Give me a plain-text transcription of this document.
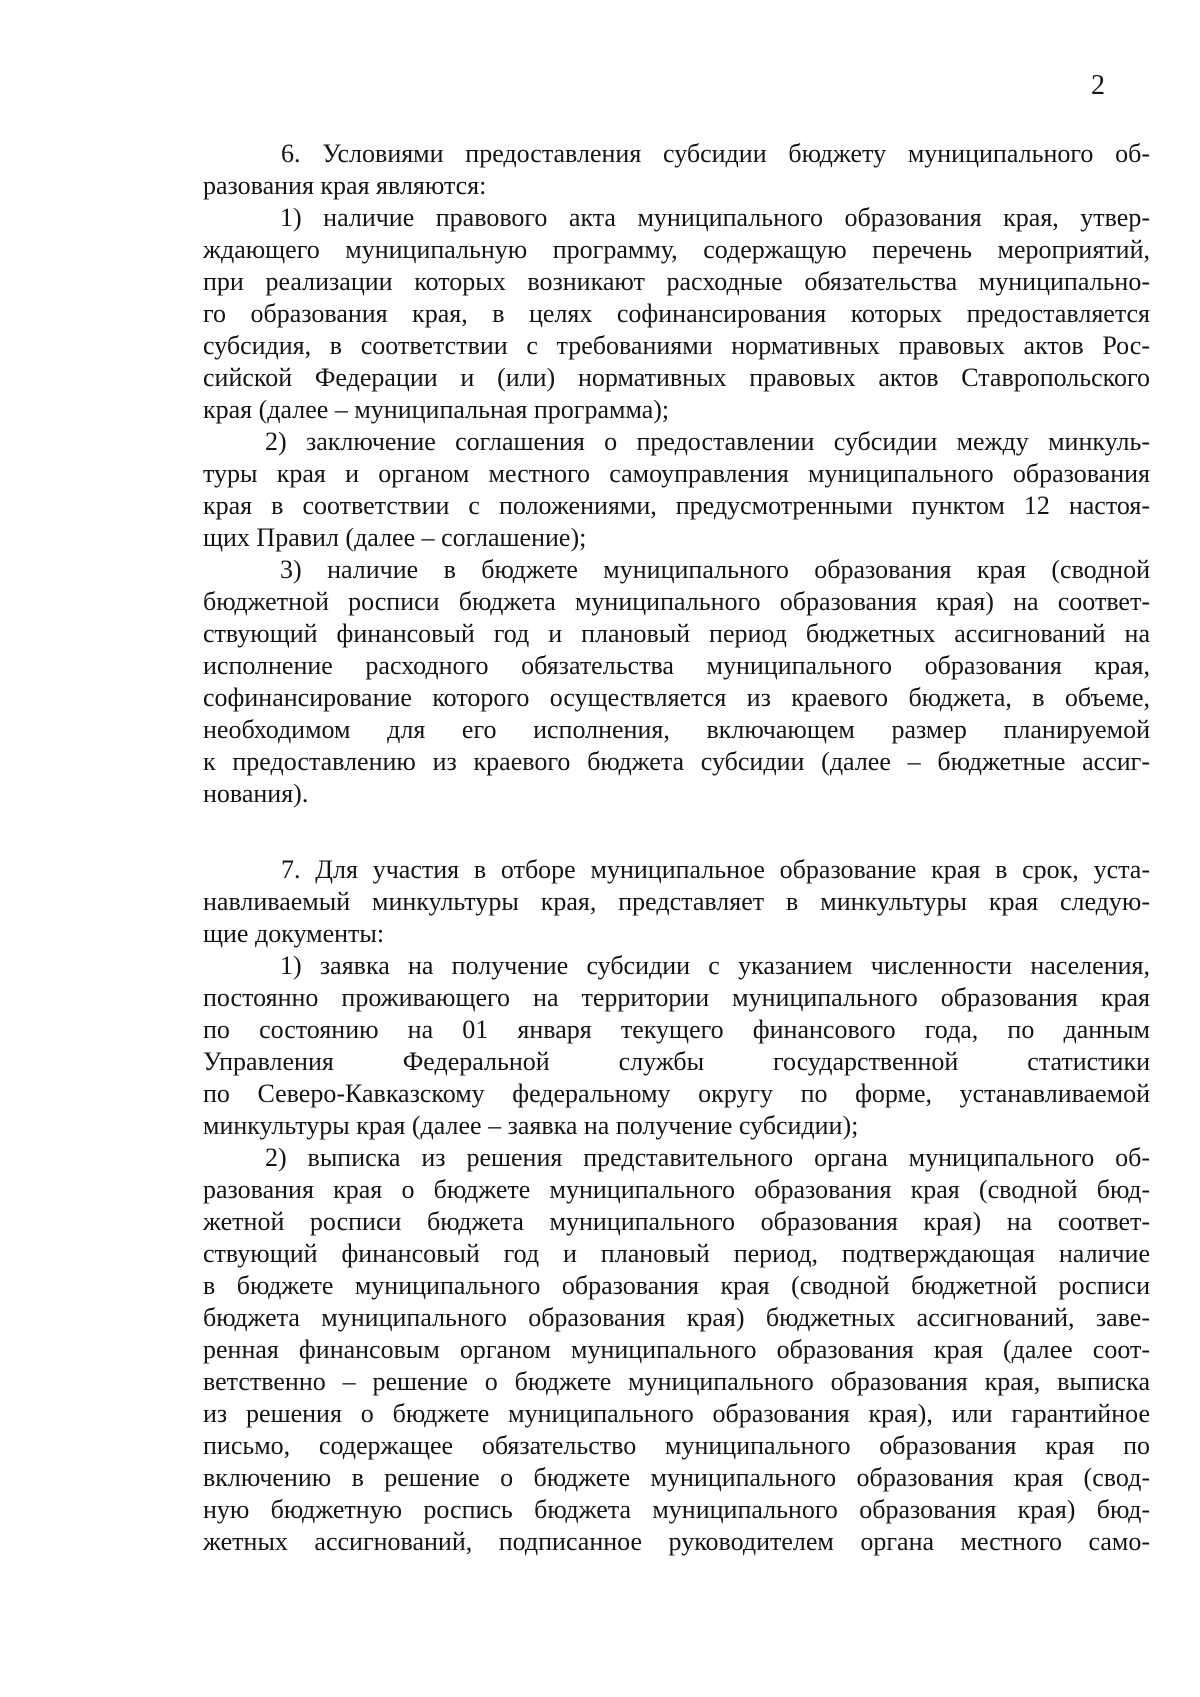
2
6. Условиями предоставления субсидии бюджету муниципального об-
разования края являются:
1) наличие правового акта муниципального образования края, утвер-
ждающего муниципальную программу, содержащую перечень мероприятий,
при реализации которых возникают расходные обязательства муниципально-
го образования края, в целях софинансирования которых предоставляется
субсидия, в соответствии с требованиями нормативных правовых актов Рос-
сийской Федерации и (или) нормативных правовых актов Ставропольского
края (далее – муниципальная программа);
2) заключение соглашения о предоставлении субсидии между минкуль-
туры края и органом местного самоуправления муниципального образования
края в соответствии с положениями, предусмотренными пунктом 12 настоя-
щих Правил (далее – соглашение);
3) наличие в бюджете муниципального образования края (сводной
бюджетной росписи бюджета муниципального образования края) на соответ-
ствующий финансовый год и плановый период бюджетных ассигнований на
исполнение расходного обязательства муниципального образования края,
софинансирование которого осуществляется из краевого бюджета, в объеме,
необходимом для его исполнения, включающем размер планируемой
к предоставлению из краевого бюджета субсидии (далее – бюджетные ассиг-
нования).
7. Для участия в отборе муниципальное образование края в срок, уста-
навливаемый минкультуры края, представляет в минкультуры края следую-
щие документы:
1) заявка на получение субсидии с указанием численности населения,
постоянно проживающего на территории муниципального образования края
по состоянию на 01 января текущего финансового года, по данным
Управления Федеральной службы государственной статистики
по Северо-Кавказскому федеральному округу по форме, устанавливаемой
минкультуры края (далее – заявка на получение субсидии);
2) выписка из решения представительного органа муниципального об-
разования края о бюджете муниципального образования края (сводной бюд-
жетной росписи бюджета муниципального образования края) на соответ-
ствующий финансовый год и плановый период, подтверждающая наличие
в бюджете муниципального образования края (сводной бюджетной росписи
бюджета муниципального образования края) бюджетных ассигнований, заве-
ренная финансовым органом муниципального образования края (далее соот-
ветственно – решение о бюджете муниципального образования края, выписка
из решения о бюджете муниципального образования края), или гарантийное
письмо, содержащее обязательство муниципального образования края по
включению в решение о бюджете муниципального образования края (свод-
ную бюджетную роспись бюджета муниципального образования края) бюд-
жетных ассигнований, подписанное руководителем органа местного само-
